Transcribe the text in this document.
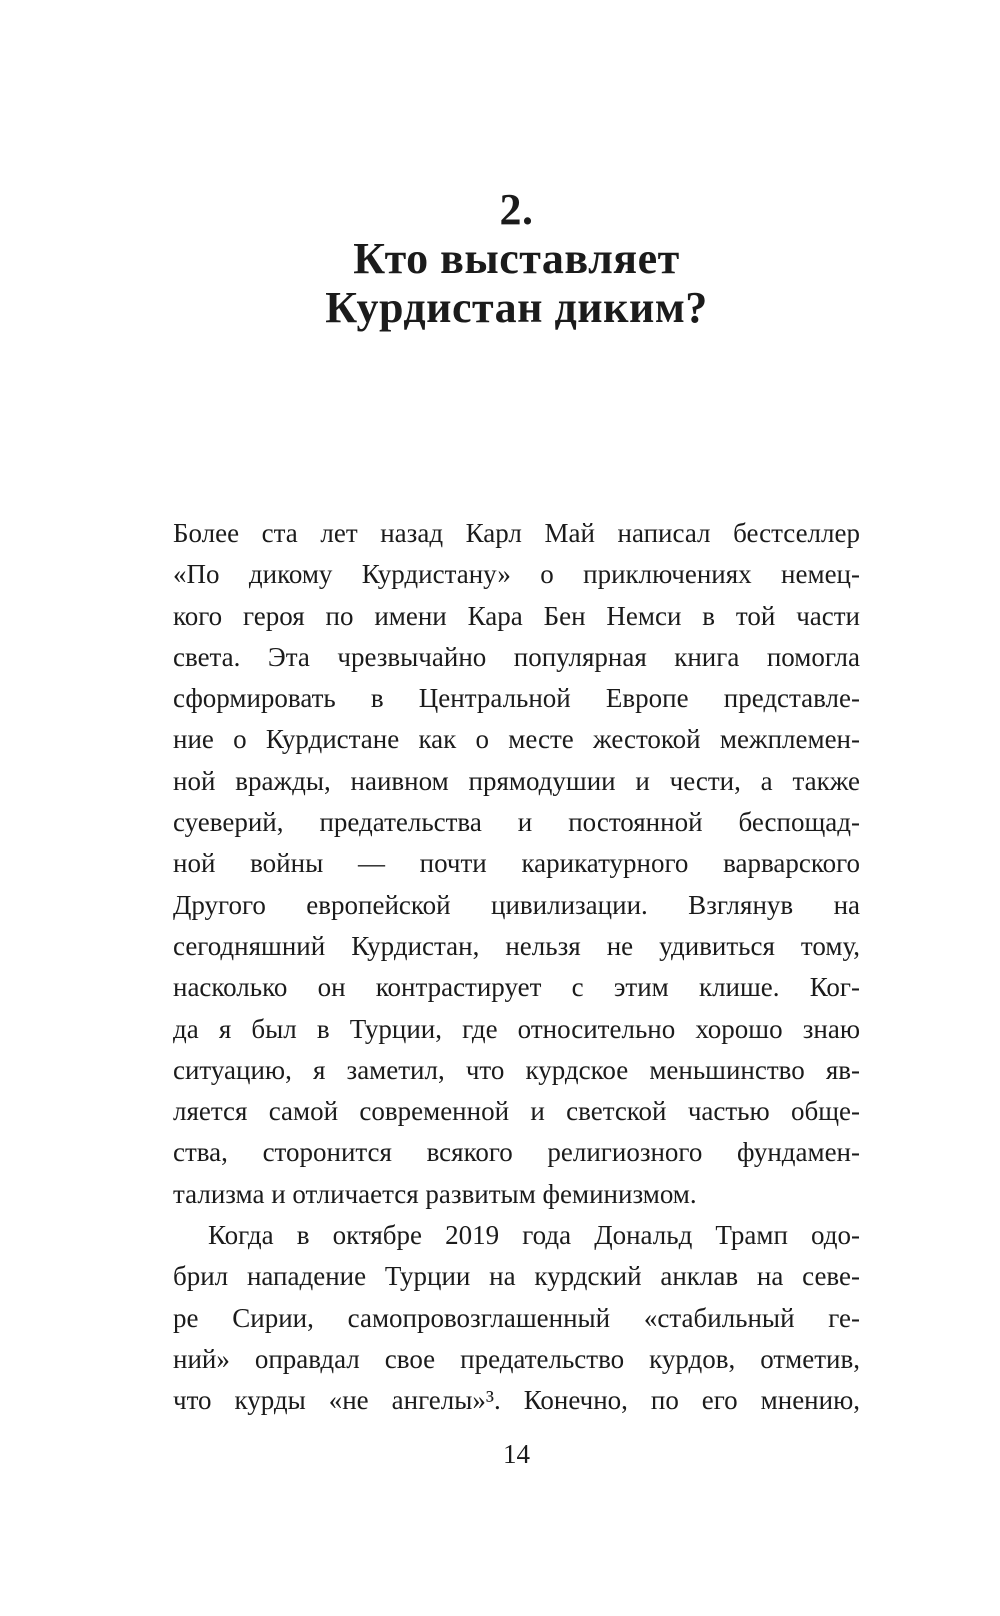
2.
Кто выставляет
Курдистан диким?
Более ста лет назад Карл Май написал бестселлер
«По дикому Курдистану» о приключениях немец-
кого героя по имени Кара Бен Немси в той части
света. Эта чрезвычайно популярная книга помогла
сформировать в Центральной Европе представле-
ние о Курдистане как о месте жестокой межплемен-
ной вражды, наивном прямодушии и чести, а также
суеверий, предательства и постоянной беспощад-
ной войны — почти карикатурного варварского
Другого европейской цивилизации. Взглянув на
сегодняшний Курдистан, нельзя не удивиться тому,
насколько он контрастирует с этим клише. Ког-
да я был в Турции, где относительно хорошо знаю
ситуацию, я заметил, что курдское меньшинство яв-
ляется самой современной и светской частью обще-
ства, сторонится всякого религиозного фундамен-
тализма и отличается развитым феминизмом.
Когда в октябре 2019 года Дональд Трамп одо-
брил нападение Турции на курдский анклав на севе-
ре Сирии, самопровозглашенный «стабильный ге-
ний» оправдал свое предательство курдов, отметив,
что курды «не ангелы»³. Конечно, по его мнению,
14
